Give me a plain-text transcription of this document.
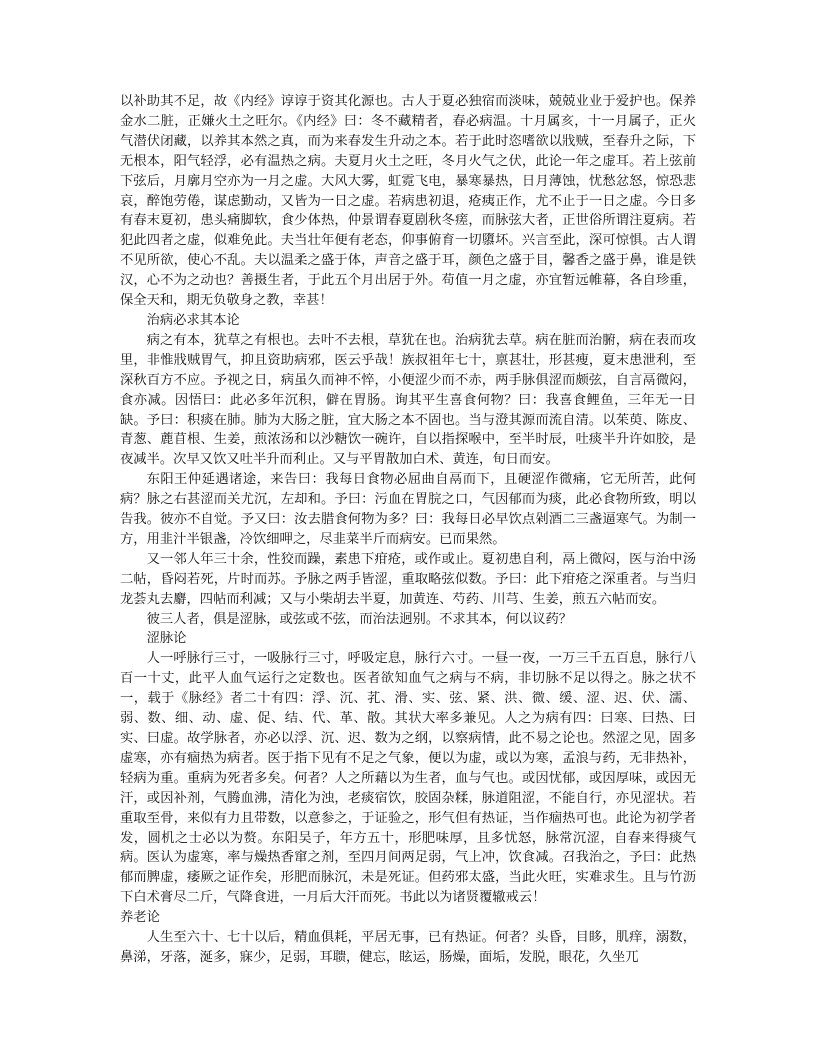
以补助其不足，故《内经》谆谆于资其化源也。古人于夏必独宿而淡味，兢兢业业于爱护也。保养金水二脏，正嫌火土之旺尔。《内经》曰：冬不藏精者，春必病温。十月属亥，十一月属子，正火气潜伏闭藏，以养其本然之真，而为来春发生升动之本。若于此时恣嗜欲以戕贼，至春升之际，下无根本，阳气轻浮，必有温热之病。夫夏月火土之旺，冬月火气之伏，此论一年之虚耳。若上弦前下弦后，月廓月空亦为一月之虚。大风大雾，虹霓飞电，暴寒暴热，日月薄蚀，忧愁忿怒，惊恐悲哀，醉饱劳倦，谋虑勤动，又皆为一日之虚。若病患初退，疮痍正作，尤不止于一日之虚。今日多有春末夏初，患头痛脚软，食少体热，仲景谓春夏剧秋冬瘥，而脉弦大者，正世俗所谓注夏病。若犯此四者之虚，似难免此。夫当壮年便有老态，仰事俯育一切隳坏。兴言至此，深可惊惧。古人谓不见所欲，使心不乱。夫以温柔之盛于体，声音之盛于耳，颜色之盛于目，馨香之盛于鼻，谁是铁汉，心不为之动也？善摄生者，于此五个月出居于外。苟值一月之虚，亦宜暂远帷幕，各自珍重，保全天和，期无负敬身之教，幸甚！

治病必求其本论

病之有本，犹草之有根也。去叶不去根，草犹在也。治病犹去草。病在脏而治腑，病在表而攻里，非惟戕贼胃气，抑且资助病邪，医云乎哉！族叔祖年七十，禀甚壮，形甚瘦，夏末患泄利，至深秋百方不应。予视之日，病虽久而神不悴，小便涩少而不赤，两手脉俱涩而颇弦，自言鬲微闷，食亦减。因悟曰：此必多年沉积，僻在胃肠。询其平生喜食何物？曰：我喜食鲤鱼，三年无一日缺。予曰：积痰在肺。肺为大肠之脏，宜大肠之本不固也。当与澄其源而流自清。以茱萸、陈皮、青葱、蔍苜根、生姜，煎浓汤和以沙糖饮一碗许，自以指探喉中，至半时辰，吐痰半升许如胶，是夜减半。次早又饮又吐半升而利止。又与平胃散加白术、黄连，旬日而安。

东阳王仲延遇诸途，来告曰：我每日食物必屈曲自鬲而下，且硬涩作微痛，它无所苦，此何病？脉之右甚涩而关尤沉，左却和。予曰：污血在胃脘之口，气因郁而为痰，此必食物所致，明以告我。彼亦不自觉。予又曰：汝去腊食何物为多？曰：我每日必早饮点剁酒二三盏逼寒气。为制一方，用韭汁半银盏，冷饮细呷之，尽韭菜半斤而病安。已而果然。

又一邻人年三十余，性狡而躁，素患下疳疮，或作或止。夏初患自利，鬲上微闷，医与治中汤二帖，昏闷若死，片时而苏。予脉之两手皆涩，重取略弦似数。予曰：此下疳疮之深重者。与当归龙荟丸去麝，四帖而利减；又与小柴胡去半夏，加黄连、芍药、川芎、生姜，煎五六帖而安。

彼三人者，俱是涩脉，或弦或不弦，而治法迥别。不求其本，何以议药？

涩脉论

人一呼脉行三寸，一吸脉行三寸，呼吸定息，脉行六寸。一昼一夜，一万三千五百息，脉行八百一十丈，此平人血气运行之定数也。医者欲知血气之病与不病，非切脉不足以得之。脉之状不一，载于《脉经》者二十有四：浮、沉、芤、滑、实、弦、紧、洪、微、缓、涩、迟、伏、濡、弱、数、细、动、虚、促、结、代、革、散。其状大率多兼见。人之为病有四：曰寒、曰热、曰实、曰虚。故学脉者，亦必以浮、沉、迟、数为之纲，以察病情，此不易之论也。然涩之见，固多虚寒，亦有痼热为病者。医于指下见有不足之气象，便以为虚，或以为寒，孟浪与药，无非热补，轻病为重。重病为死者多矣。何者？人之所藉以为生者，血与气也。或因忧郁，或因厚味，或因无汗，或因补剂，气腾血沸，清化为浊，老痰宿饮，胶固杂糅，脉道阻涩，不能自行，亦见涩状。若重取至骨，来似有力且带数，以意参之，于证验之，形气但有热证，当作痼热可也。此论为初学者发，圆机之士必以为赘。东阳吴子，年方五十，形肥味厚，且多忧怒，脉常沉涩，自春来得痰气病。医认为虚寒，率与燥热香窜之剂，至四月间两足弱，气上冲，饮食减。召我治之，予曰：此热郁而脾虚，痿厥之证作矣，形肥而脉沉，未是死证。但药邪太盛，当此火旺，实难求生。且与竹沥下白术膏尽二斤，气降食进，一月后大汗而死。书此以为诸贤覆辙戒云！

养老论

人生至六十、七十以后，精血俱耗，平居无事，已有热证。何者？头昏，目眵，肌痒，溺数，鼻涕，牙落，涎多，寐少，足弱，耳聩，健忘，眩运，肠燥，面垢，发脱，眼花，久坐兀
